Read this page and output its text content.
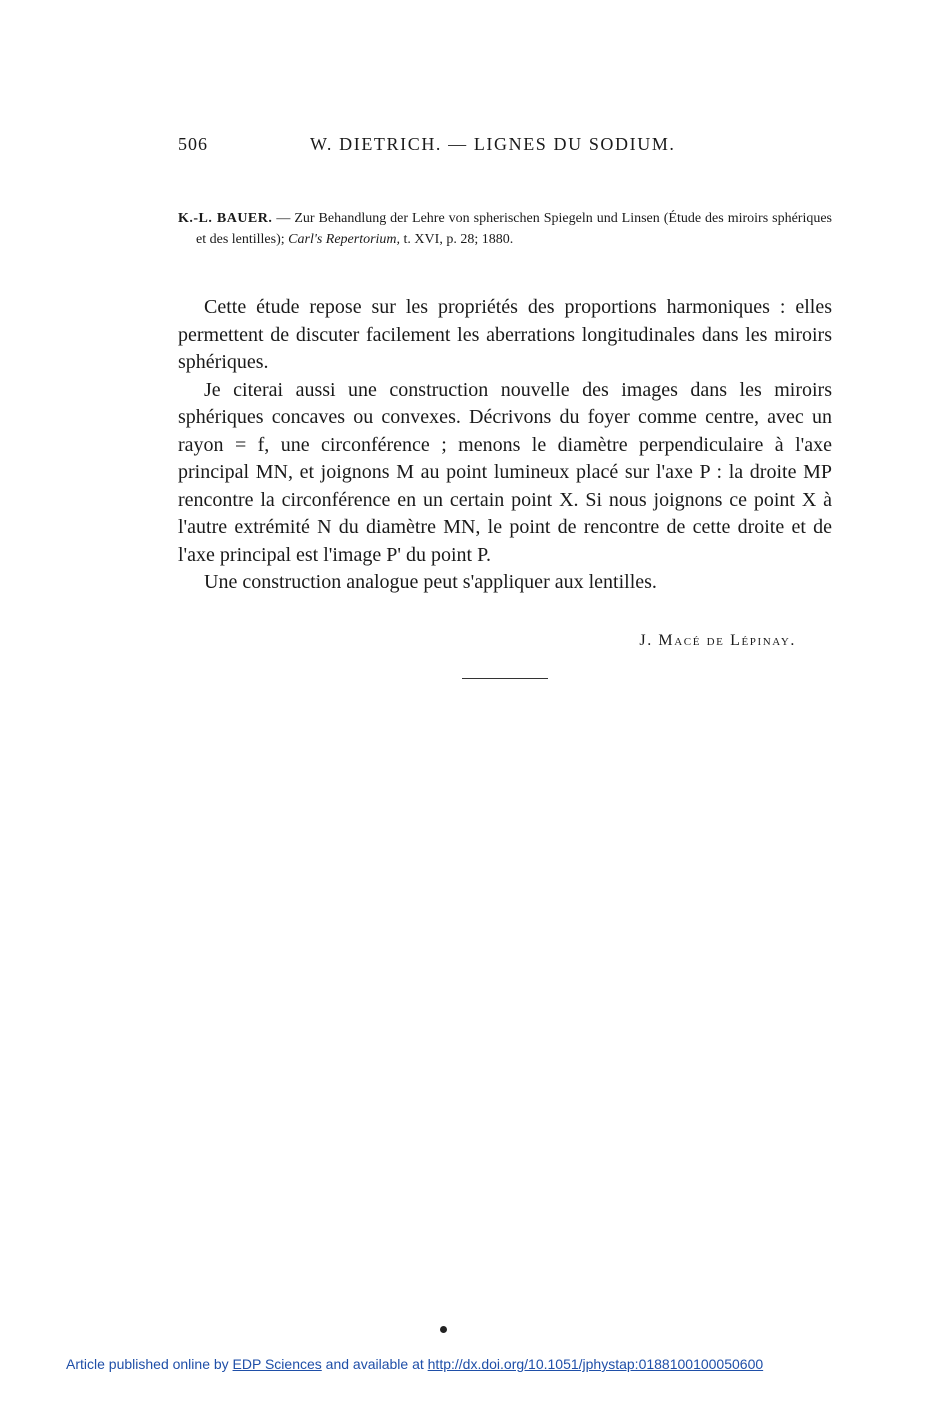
506	W. DIETRICH. — LIGNES DU SODIUM.
K.-L. BAUER. — Zur Behandlung der Lehre von spherischen Spiegeln und Linsen (Étude des miroirs sphériques et des lentilles); Carl's Repertorium, t. XVI, p. 28; 1880.

Cette étude repose sur les propriétés des proportions harmoniques : elles permettent de discuter facilement les aberrations longitudinales dans les miroirs sphériques.

Je citerai aussi une construction nouvelle des images dans les miroirs sphériques concaves ou convexes. Décrivons du foyer comme centre, avec un rayon = f, une circonférence ; menons le diamètre perpendiculaire à l'axe principal MN, et joignons M au point lumineux placé sur l'axe P : la droite MP rencontre la circonférence en un certain point X. Si nous joignons ce point X à l'autre extrémité N du diamètre MN, le point de rencontre de cette droite et de l'axe principal est l'image P' du point P.

Une construction analogue peut s'appliquer aux lentilles.

J. Macé de Lépinay.
Article published online by EDP Sciences and available at http://dx.doi.org/10.1051/jphystap:0188100100050600
